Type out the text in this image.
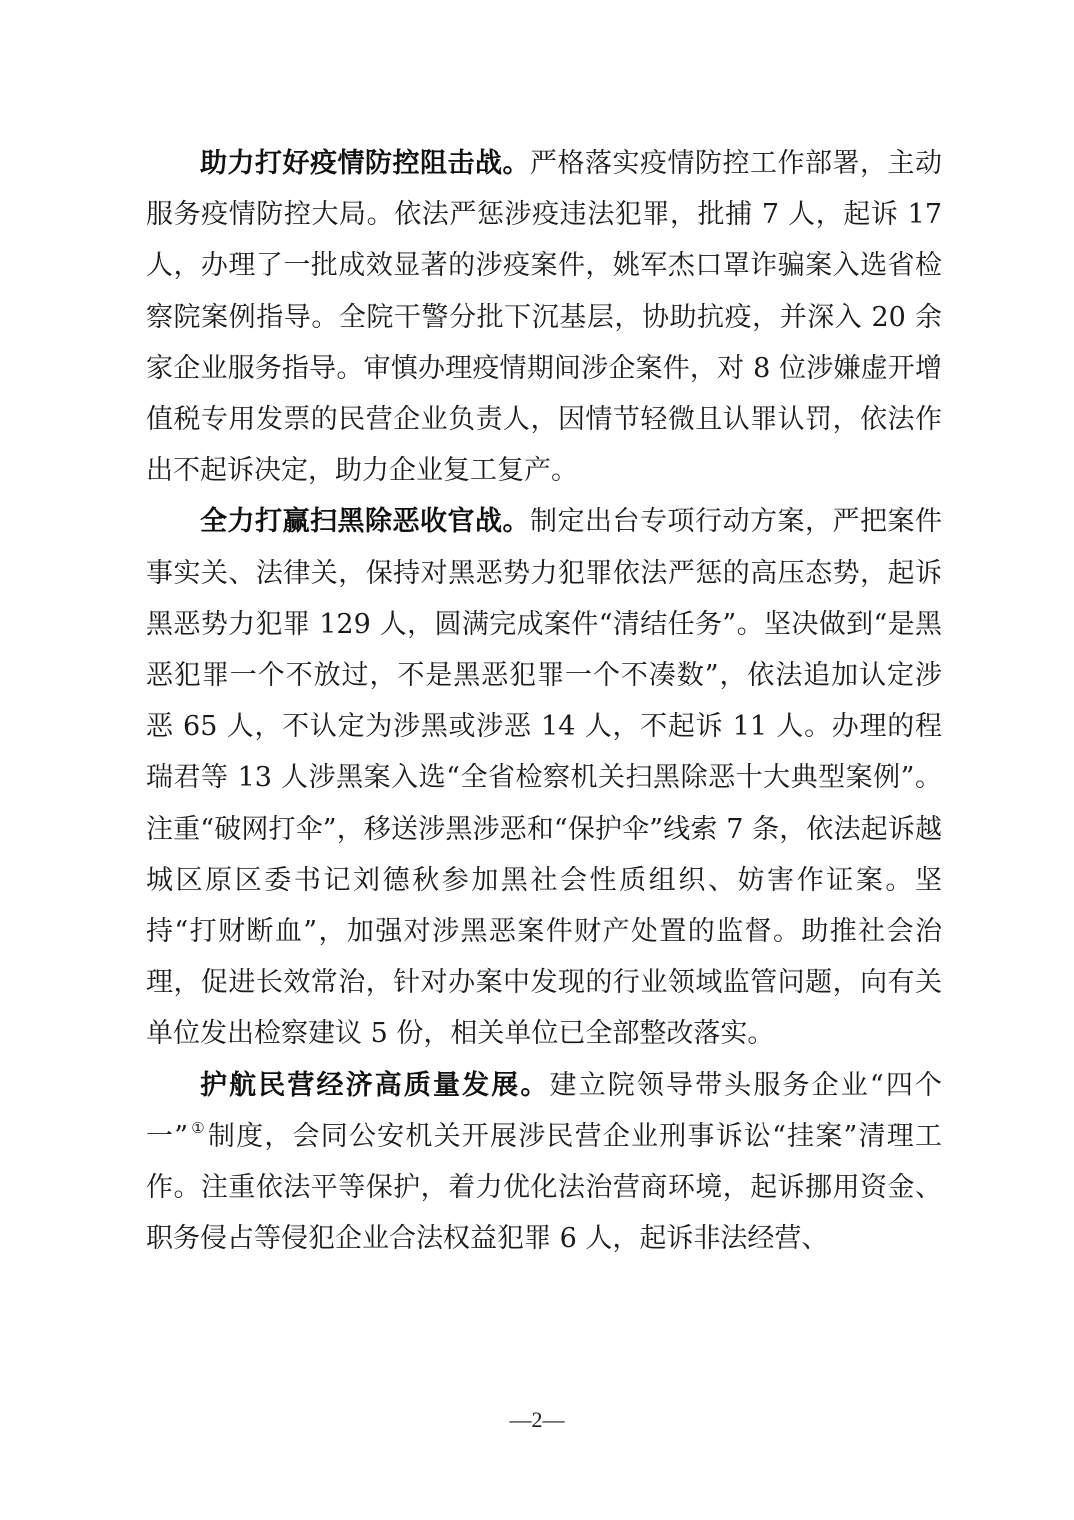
助力打好疫情防控阻击战。严格落实疫情防控工作部署，主动服务疫情防控大局。依法严惩涉疫违法犯罪，批捕 7 人，起诉 17 人，办理了一批成效显著的涉疫案件，姚军杰口罩诈骗案入选省检察院案例指导。全院干警分批下沉基层，协助抗疫，并深入 20 余家企业服务指导。审慎办理疫情期间涉企案件，对 8 位涉嫌虚开增值税专用发票的民营企业负责人，因情节轻微且认罪认罚，依法作出不起诉决定，助力企业复工复产。

全力打赢扫黑除恶收官战。制定出台专项行动方案，严把案件事实关、法律关，保持对黑恶势力犯罪依法严惩的高压态势，起诉黑恶势力犯罪 129 人，圆满完成案件“清结任务”。坚决做到“是黑恶犯罪一个不放过，不是黑恶犯罪一个不凑数”，依法追加认定涉恶 65 人，不认定为涉黑或涉恶 14 人，不起诉 11 人。办理的程瑞君等 13 人涉黑案入选“全省检察机关扫黑除恶十大典型案例”。注重“破网打伞”，移送涉黑涉恶和“保护伞”线索 7 条，依法起诉越城区原区委书记刘德秋参加黑社会性质组织、妨害作证案。坚持“打财断血”，加强对涉黑恶案件财产处置的监督。助推社会治理，促进长效常治，针对办案中发现的行业领域监管问题，向有关单位发出检察建议 5 份，相关单位已全部整改落实。

护航民营经济高质量发展。建立院领导带头服务企业“四个一” ①制度，会同公安机关开展涉民营企业刑事诉讼“挂案”清理工作。注重依法平等保护，着力优化法治营商环境，起诉挪用资金、职务侵占等侵犯企业合法权益犯罪 6 人，起诉非法经营、

—2—
